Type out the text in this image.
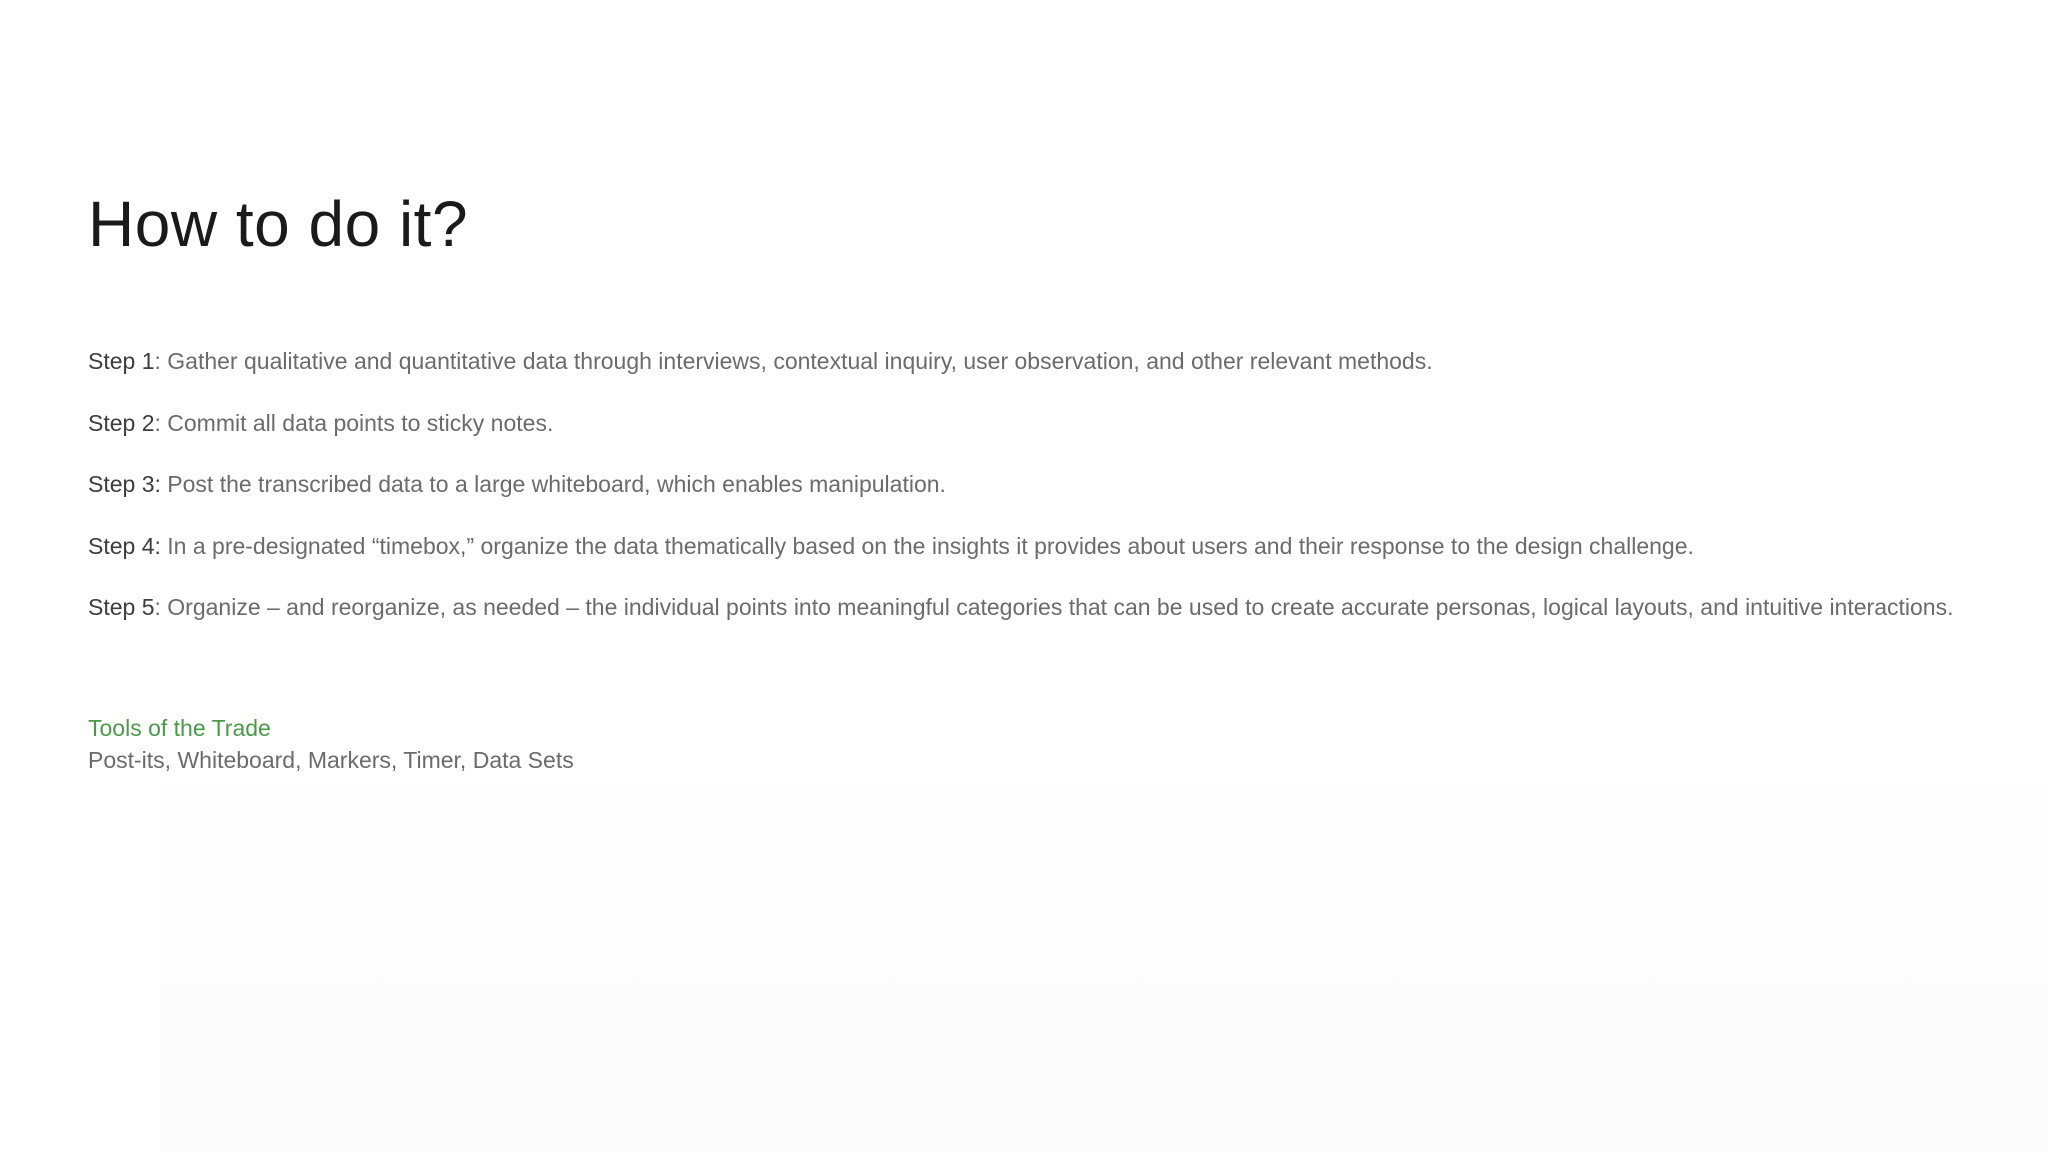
How to do it?
Step 1: Gather qualitative and quantitative data through interviews, contextual inquiry, user observation, and other relevant methods.
Step 2: Commit all data points to sticky notes.
Step 3: Post the transcribed data to a large whiteboard, which enables manipulation.
Step 4: In a pre-designated “timebox,” organize the data thematically based on the insights it provides about users and their response to the design challenge.
Step 5: Organize – and reorganize, as needed – the individual points into meaningful categories that can be used to create accurate personas, logical layouts, and intuitive interactions.
Tools of the Trade

Post-its, Whiteboard, Markers, Timer, Data Sets
